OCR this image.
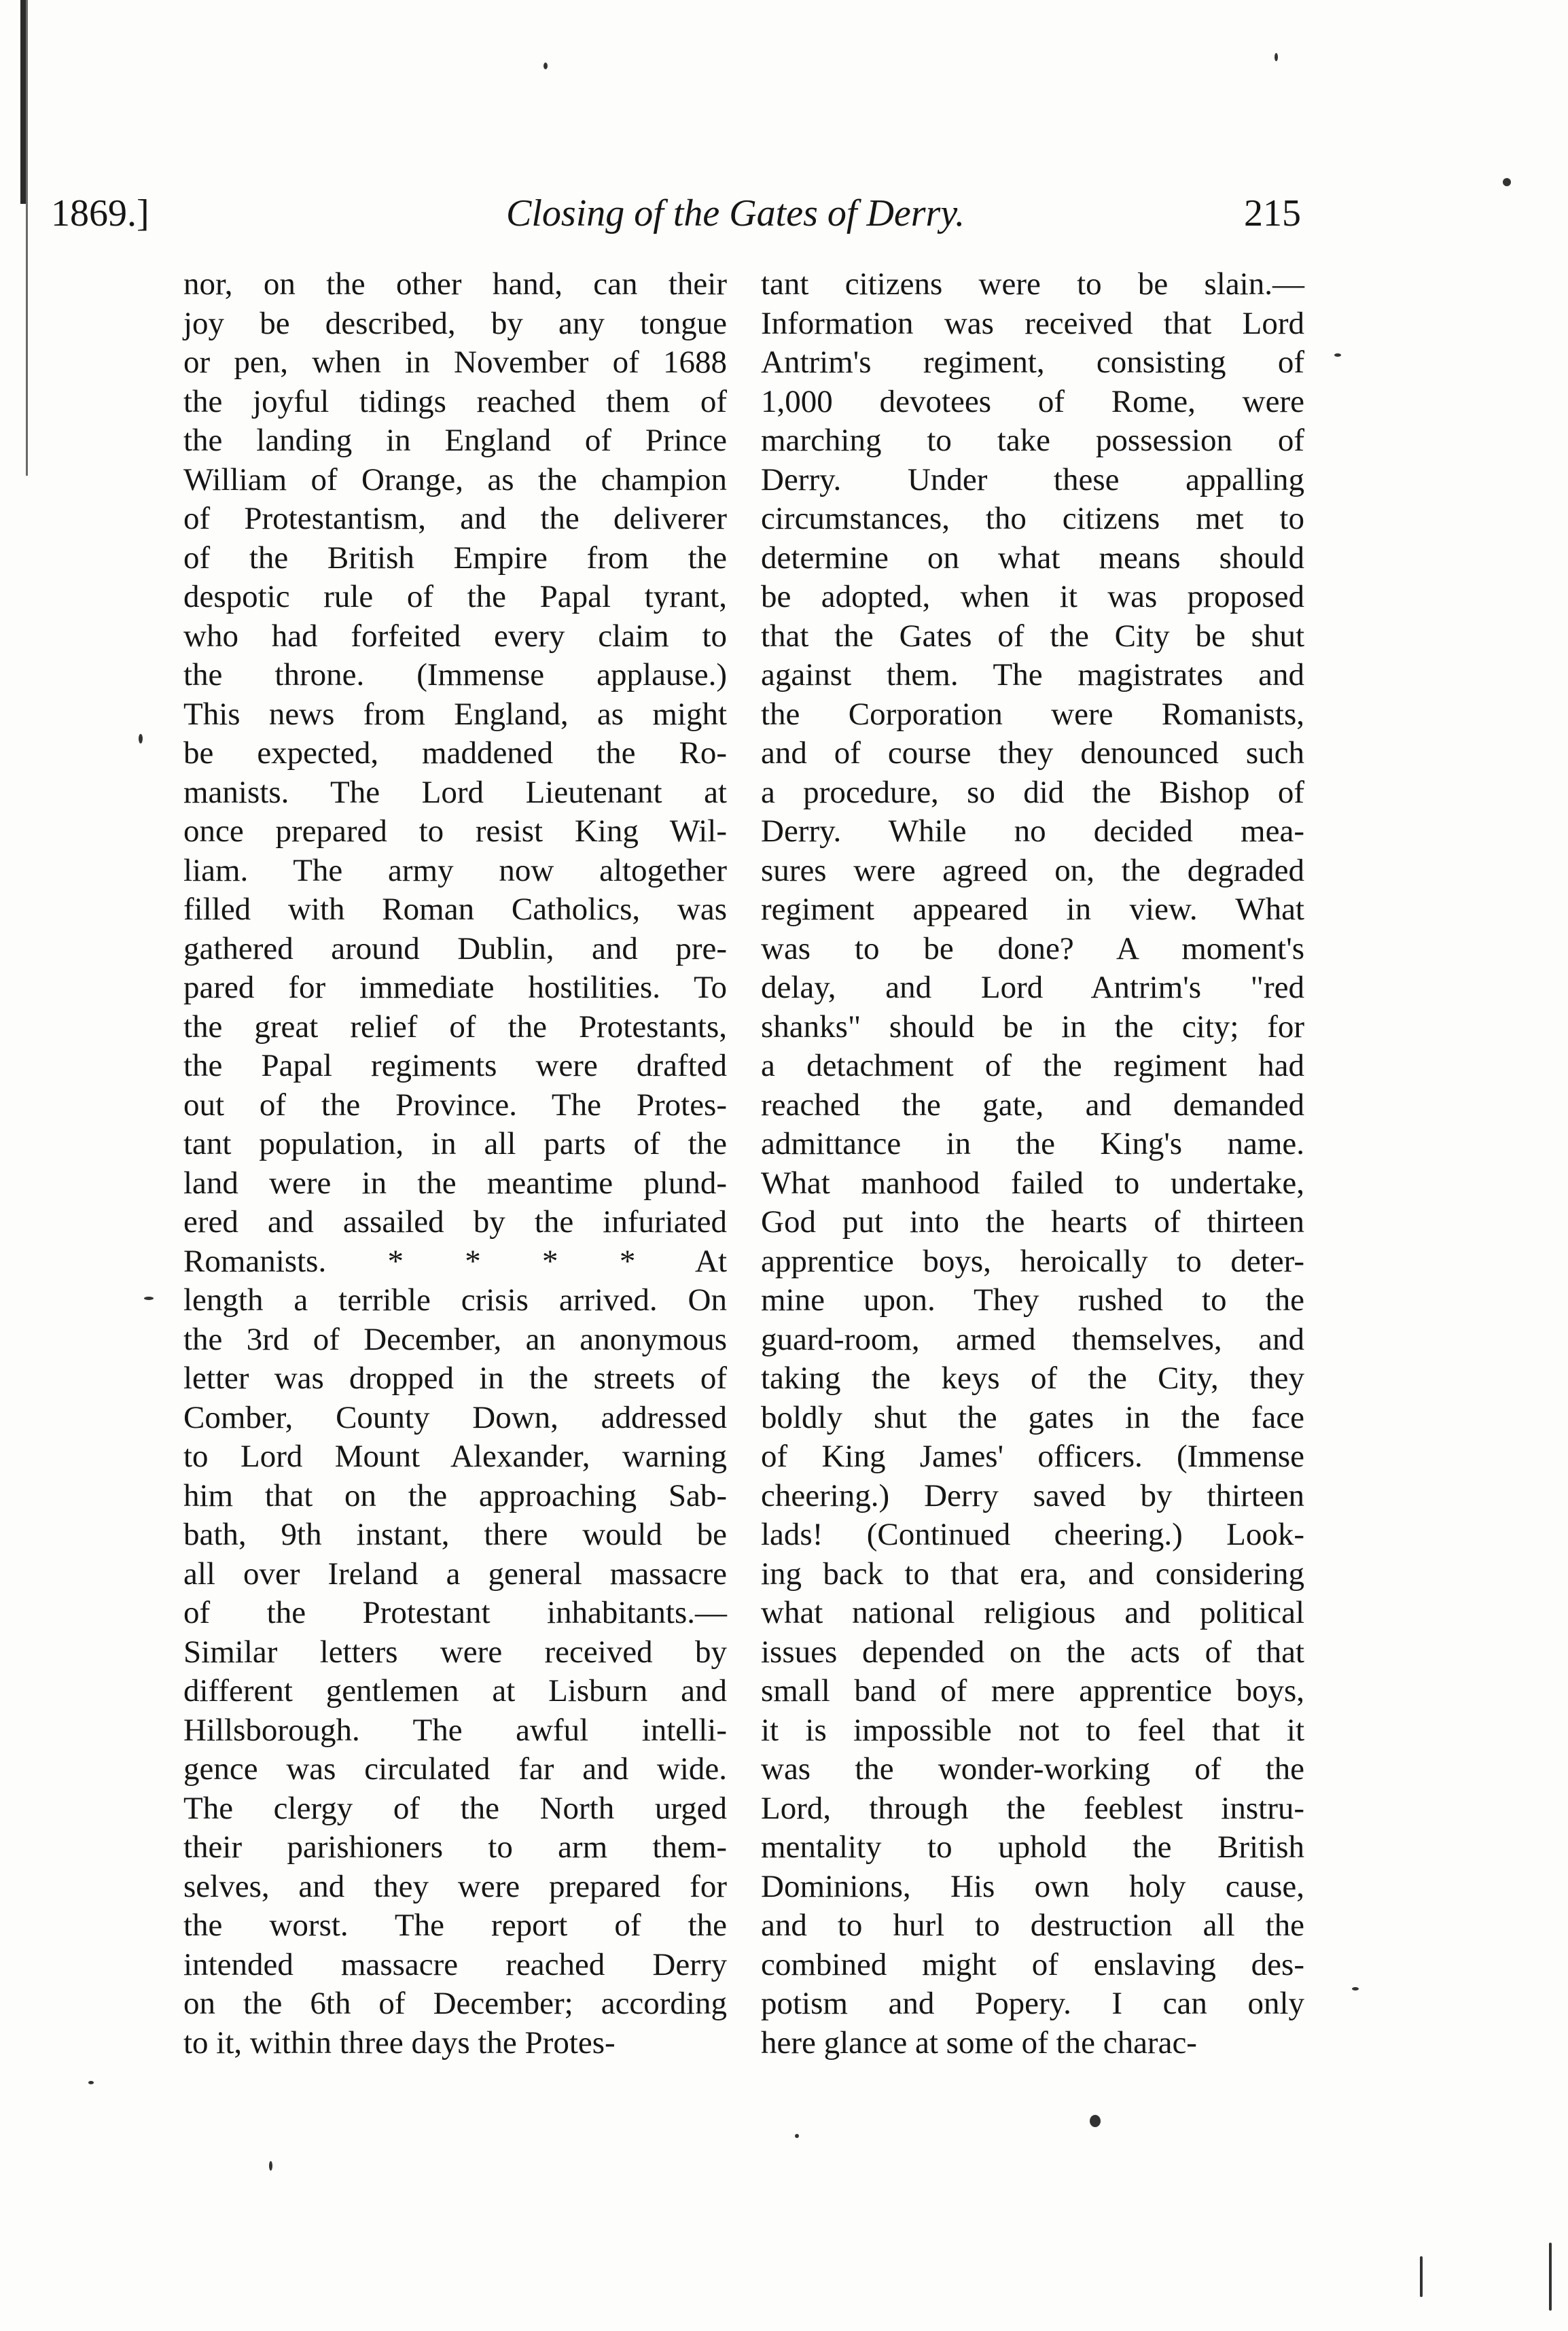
1869.]	Closing of the Gates of Derry.	215
nor, on the other hand, can their
joy be described, by any tongue
or pen, when in November of 1688
the joyful tidings reached them of
the landing in England of Prince
William of Orange, as the champion
of Protestantism, and the deliverer
of the British Empire from the
despotic rule of the Papal tyrant,
who had forfeited every claim to
the throne. (Immense applause.)
This news from England, as might
be expected, maddened the Ro-
manists. The Lord Lieutenant at
once prepared to resist King Wil-
liam. The army now altogether
filled with Roman Catholics, was
gathered around Dublin, and pre-
pared for immediate hostilities. To
the great relief of the Protestants,
the Papal regiments were drafted
out of the Province. The Protes-
tant population, in all parts of the
land were in the meantime plund-
ered and assailed by the infuriated
Romanists. * * * * At
length a terrible crisis arrived. On
the 3rd of December, an anonymous
letter was dropped in the streets of
Comber, County Down, addressed
to Lord Mount Alexander, warning
him that on the approaching Sab-
bath, 9th instant, there would be
all over Ireland a general massacre
of the Protestant inhabitants.—
Similar letters were received by
different gentlemen at Lisburn and
Hillsborough. The awful intelli-
gence was circulated far and wide.
The clergy of the North urged
their parishioners to arm them-
selves, and they were prepared for
the worst. The report of the
intended massacre reached Derry
on the 6th of December; according
to it, within three days the Protes-
tant citizens were to be slain.—
Information was received that Lord
Antrim's regiment, consisting of
1,000 devotees of Rome, were
marching to take possession of
Derry. Under these appalling
circumstances, tho citizens met to
determine on what means should
be adopted, when it was proposed
that the Gates of the City be shut
against them. The magistrates and
the Corporation were Romanists,
and of course they denounced such
a procedure, so did the Bishop of
Derry. While no decided mea-
sures were agreed on, the degraded
regiment appeared in view. What
was to be done? A moment's
delay, and Lord Antrim's "red
shanks" should be in the city; for
a detachment of the regiment had
reached the gate, and demanded
admittance in the King's name.
What manhood failed to undertake,
God put into the hearts of thirteen
apprentice boys, heroically to deter-
mine upon. They rushed to the
guard-room, armed themselves, and
taking the keys of the City, they
boldly shut the gates in the face
of King James' officers. (Immense
cheering.) Derry saved by thirteen
lads! (Continued cheering.) Look-
ing back to that era, and considering
what national religious and political
issues depended on the acts of that
small band of mere apprentice boys,
it is impossible not to feel that it
was the wonder-working of the
Lord, through the feeblest instru-
mentality to uphold the British
Dominions, His own holy cause,
and to hurl to destruction all the
combined might of enslaving des-
potism and Popery. I can only
here glance at some of the charac-
